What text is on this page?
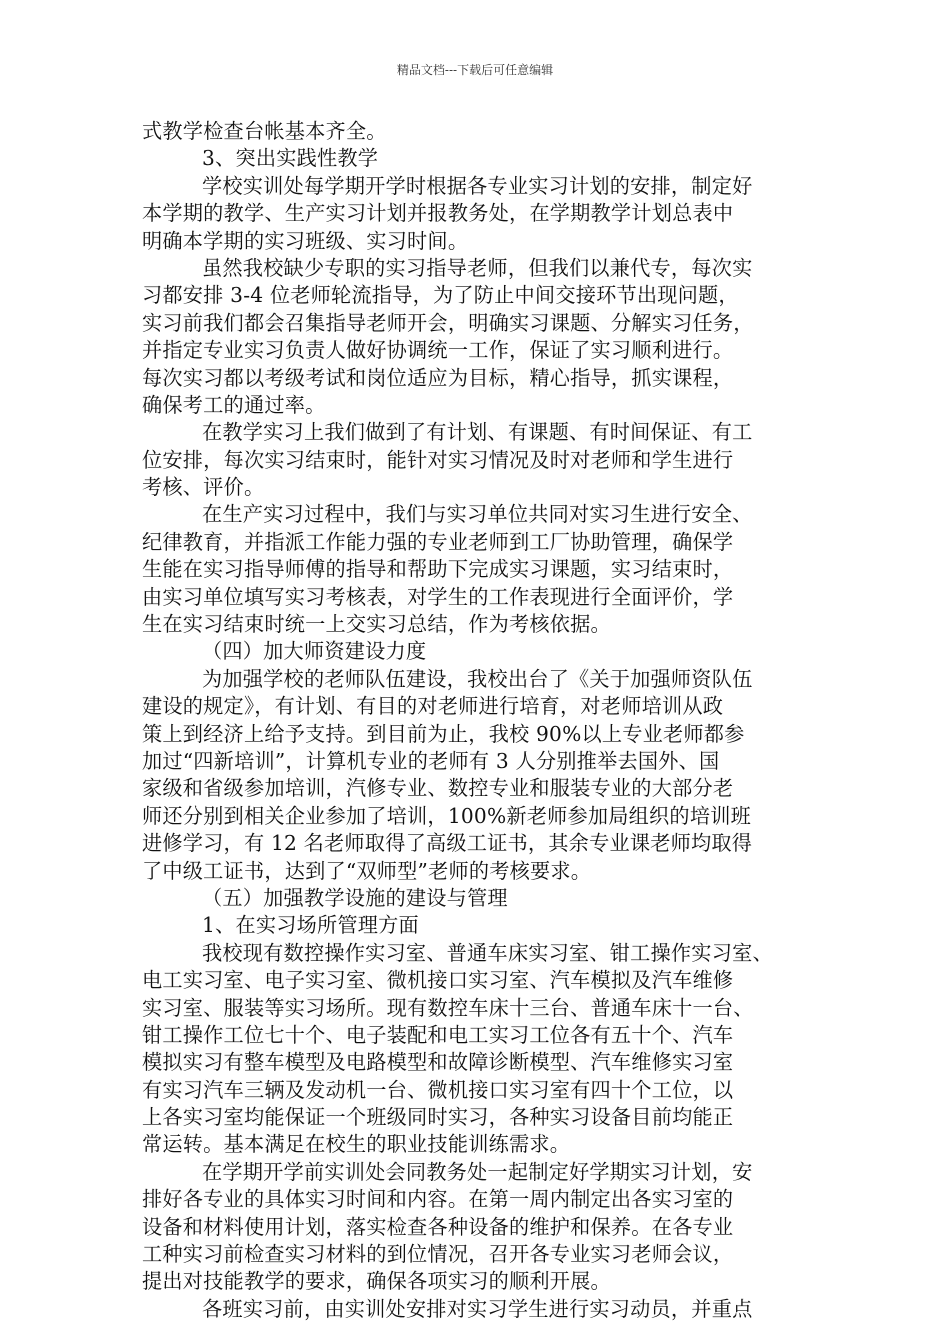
精品文档---下载后可任意编辑
式教学检查台帐基本齐全。
3、突出实践性教学
学校实训处每学期开学时根据各专业实习计划的安排，制定好
本学期的教学、生产实习计划并报教务处，在学期教学计划总表中
明确本学期的实习班级、实习时间。
虽然我校缺少专职的实习指导老师，但我们以兼代专，每次实
习都安排 3-4 位老师轮流指导，为了防止中间交接环节出现问题，
实习前我们都会召集指导老师开会，明确实习课题、分解实习任务，
并指定专业实习负责人做好协调统一工作，保证了实习顺利进行。
每次实习都以考级考试和岗位适应为目标，精心指导，抓实课程，
确保考工的通过率。
在教学实习上我们做到了有计划、有课题、有时间保证、有工
位安排，每次实习结束时，能针对实习情况及时对老师和学生进行
考核、评价。
在生产实习过程中，我们与实习单位共同对实习生进行安全、
纪律教育，并指派工作能力强的专业老师到工厂协助管理，确保学
生能在实习指导师傅的指导和帮助下完成实习课题，实习结束时，
由实习单位填写实习考核表，对学生的工作表现进行全面评价，学
生在实习结束时统一上交实习总结，作为考核依据。
（四）加大师资建设力度
为加强学校的老师队伍建设，我校出台了《关于加强师资队伍
建设的规定》，有计划、有目的对老师进行培育，对老师培训从政
策上到经济上给予支持。到目前为止，我校 90%以上专业老师都参
加过“四新培训”，计算机专业的老师有 3 人分别推举去国外、国
家级和省级参加培训，汽修专业、数控专业和服装专业的大部分老
师还分别到相关企业参加了培训，100%新老师参加局组织的培训班
进修学习，有 12 名老师取得了高级工证书，其余专业课老师均取得
了中级工证书，达到了“双师型”老师的考核要求。
（五）加强教学设施的建设与管理
1、在实习场所管理方面
我校现有数控操作实习室、普通车床实习室、钳工操作实习室、
电工实习室、电子实习室、微机接口实习室、汽车模拟及汽车维修
实习室、服装等实习场所。现有数控车床十三台、普通车床十一台、
钳工操作工位七十个、电子装配和电工实习工位各有五十个、汽车
模拟实习有整车模型及电路模型和故障诊断模型、汽车维修实习室
有实习汽车三辆及发动机一台、微机接口实习室有四十个工位，以
上各实习室均能保证一个班级同时实习，各种实习设备目前均能正
常运转。基本满足在校生的职业技能训练需求。
在学期开学前实训处会同教务处一起制定好学期实习计划，安
排好各专业的具体实习时间和内容。在第一周内制定出各实习室的
设备和材料使用计划，落实检查各种设备的维护和保养。在各专业
工种实习前检查实习材料的到位情况，召开各专业实习老师会议，
提出对技能教学的要求，确保各项实习的顺利开展。
各班实习前，由实训处安排对实习学生进行实习动员，并重点
